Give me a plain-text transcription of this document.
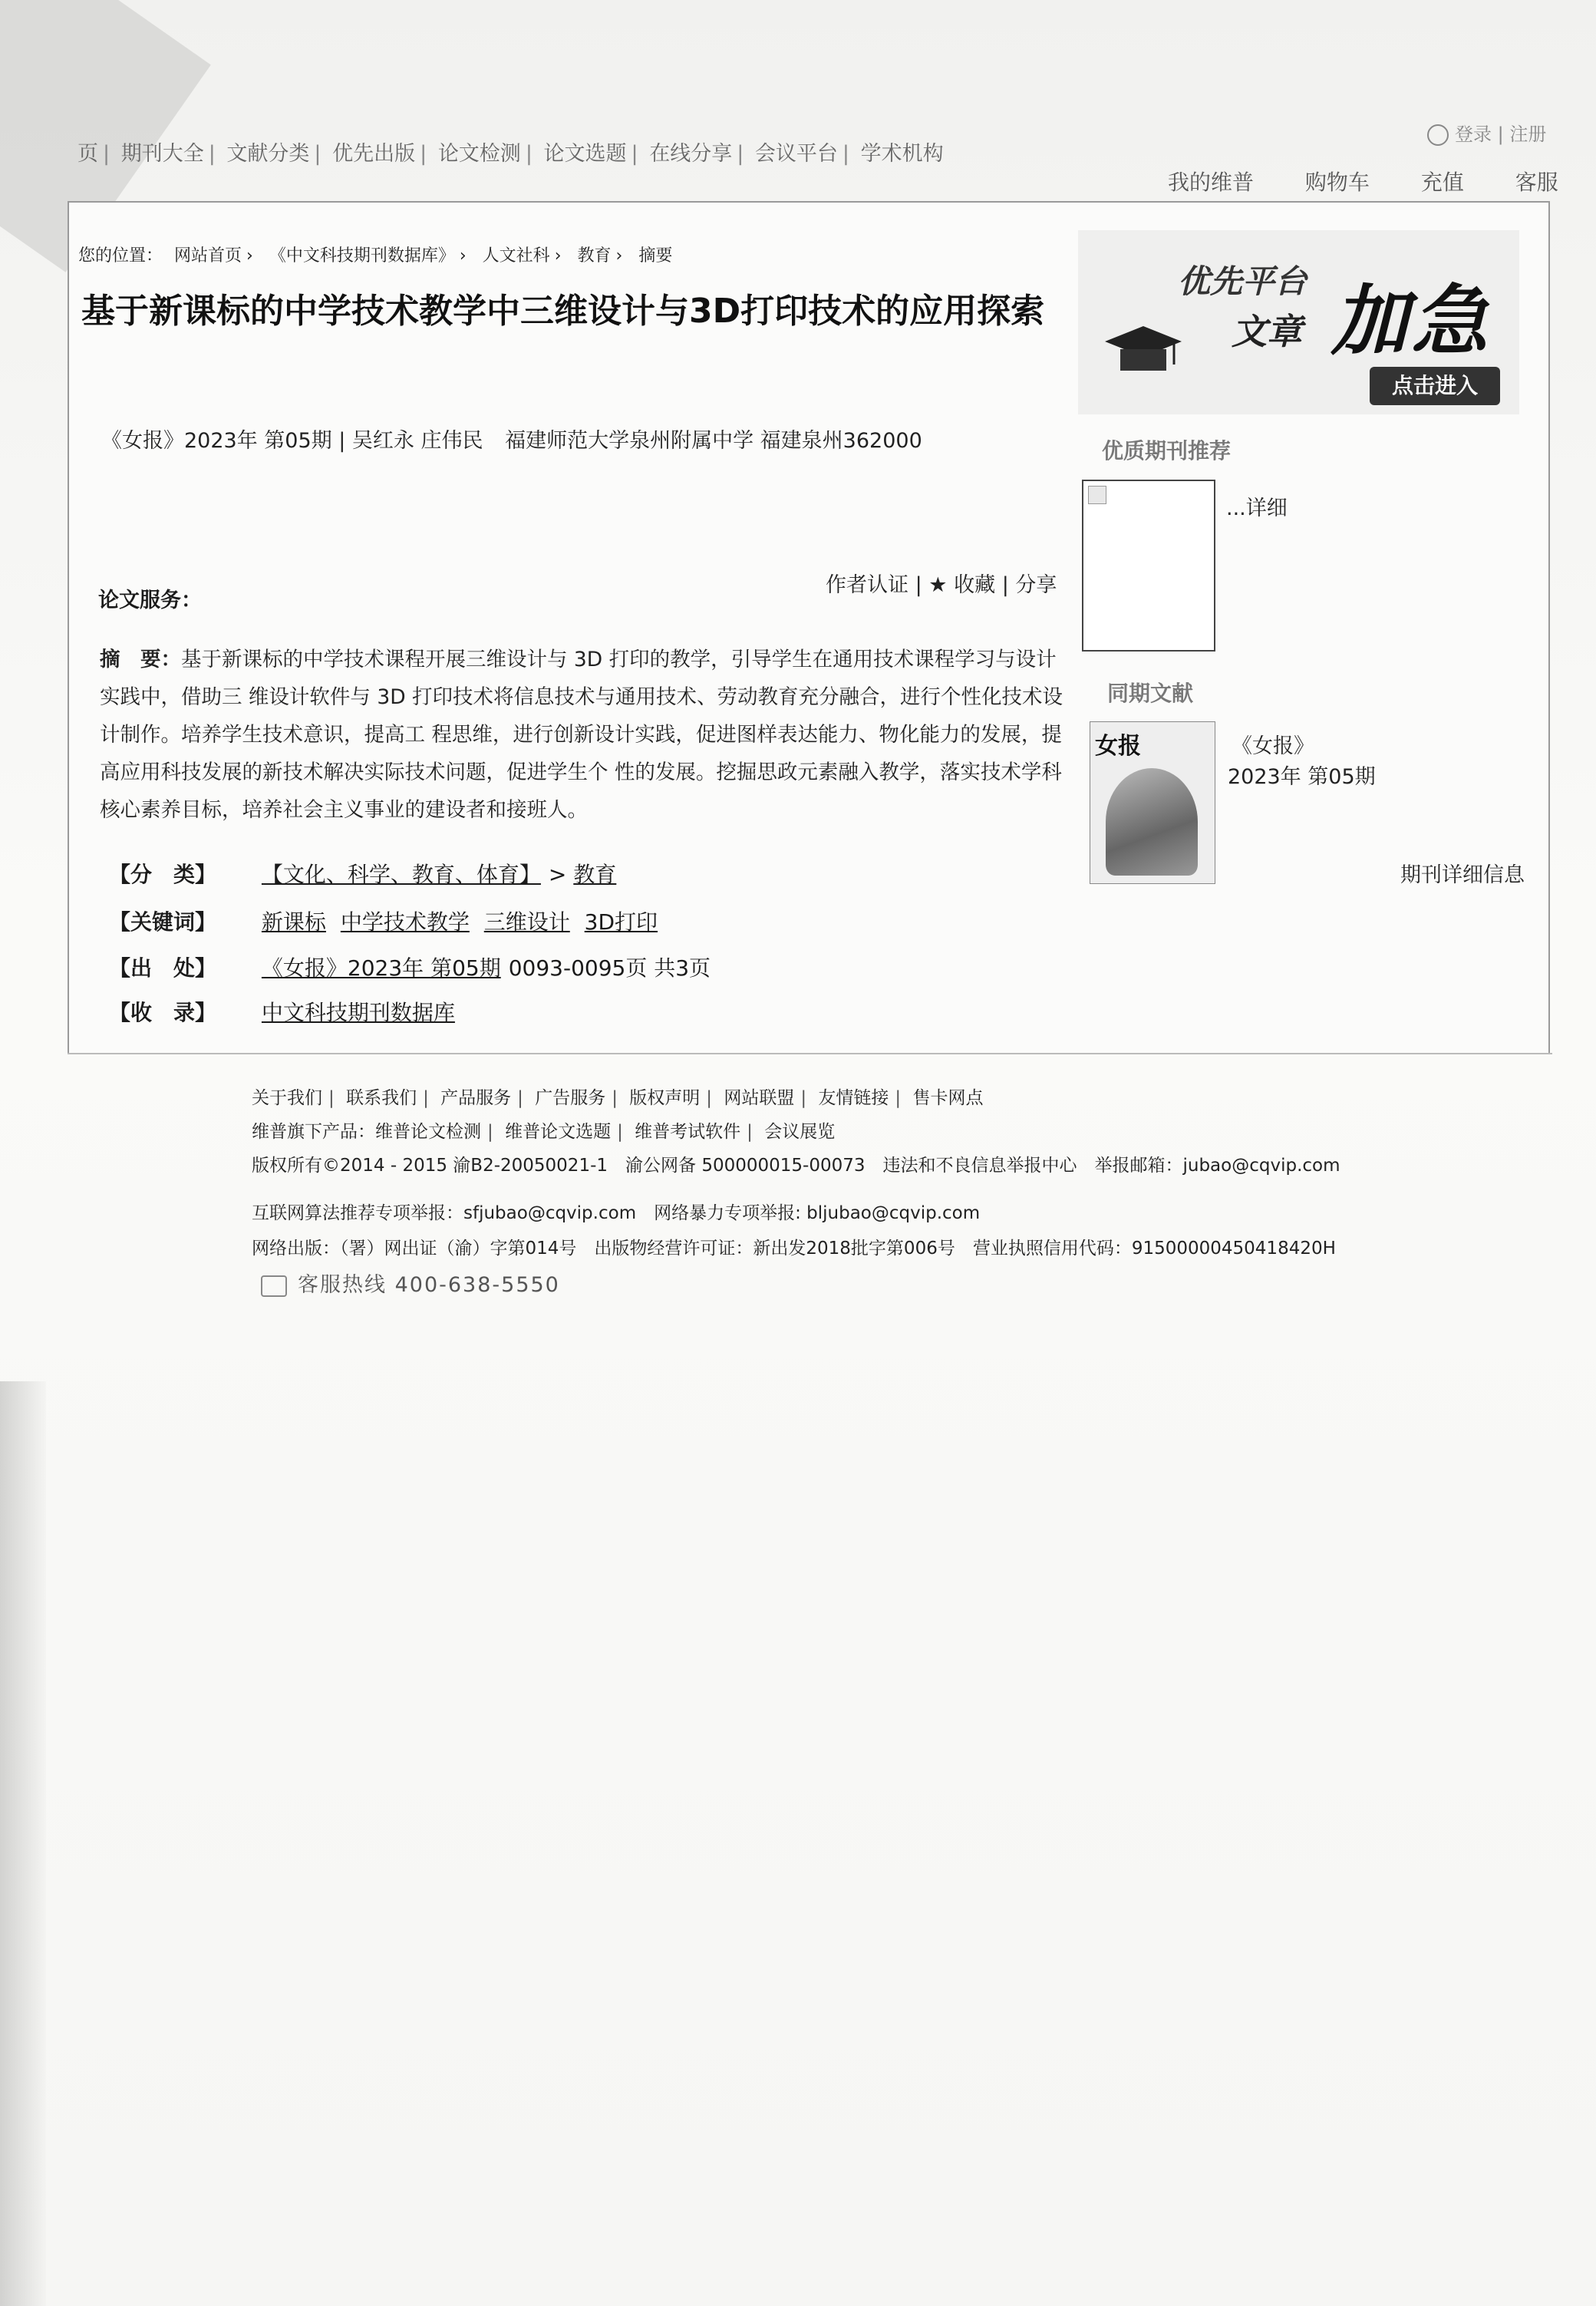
页 | 期刊大全 | 文献分类 | 优先出版 | 论文检测 | 论文选题 | 在线分享 | 会议平台 | 学术机构
登录 | 注册
我的维普 购物车 充值 客服
您的位置： 网站首页 › 《中文科技期刊数据库》 › 人文社科 › 教育 › 摘要
基于新课标的中学技术教学中三维设计与3D打印技术的应用探索
《女报》2023年 第05期 | 吴红永 庄伟民 福建师范大学泉州附属中学 福建泉州362000
论文服务：
作者认证 | ★ 收藏 | 分享
摘　要：基于新课标的中学技术课程开展三维设计与 3D 打印的教学，引导学生在通用技术课程学习与设计实践中，借助三 维设计软件与 3D 打印技术将信息技术与通用技术、劳动教育充分融合，进行个性化技术设计制作。培养学生技术意识，提高工 程思维，进行创新设计实践，促进图样表达能力、物化能力的发展，提高应用科技发展的新技术解决实际技术问题，促进学生个 性的发展。挖掘思政元素融入教学，落实技术学科核心素养目标，培养社会主义事业的建设者和接班人。
【分　类】 【文化、科学、教育、体育】 > 教育
【关键词】 新课标 中学技术教学 三维设计 3D打印
【出　处】 《女报》2023年 第05期 0093-0095页 共3页
【收　录】 中文科技期刊数据库
优先平台
文章 加急
点击进入
优质期刊推荐
...详细
同期文献
女报	《女报》
2023年 第05期
期刊详细信息
关于我们 | 联系我们 | 产品服务 | 广告服务 | 版权声明 | 网站联盟 | 友情链接 | 售卡网点
维普旗下产品：维普论文检测 | 维普论文选题 | 维普考试软件 | 会议展览
版权所有©2014 - 2015 渝B2-20050021-1　渝公网备 500000015-00073　违法和不良信息举报中心　举报邮箱：jubao@cqvip.com
互联网算法推荐专项举报：sfjubao@cqvip.com　网络暴力专项举报: bljubao@cqvip.com
网络出版：（署）网出证（渝）字第014号　出版物经营许可证：新出发2018批字第006号　营业执照信用代码：91500000450418420H
客服热线 400-638-5550
